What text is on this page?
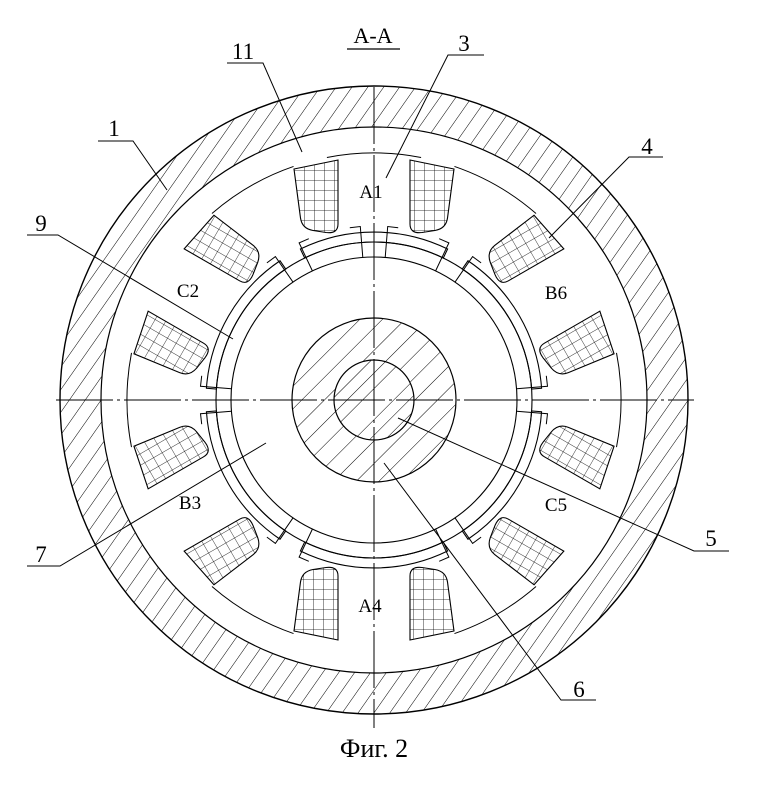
А-А
Фиг. 2
1
11	3
4
9
7
5
6
A1
C2
B3
A4
C5
B6
